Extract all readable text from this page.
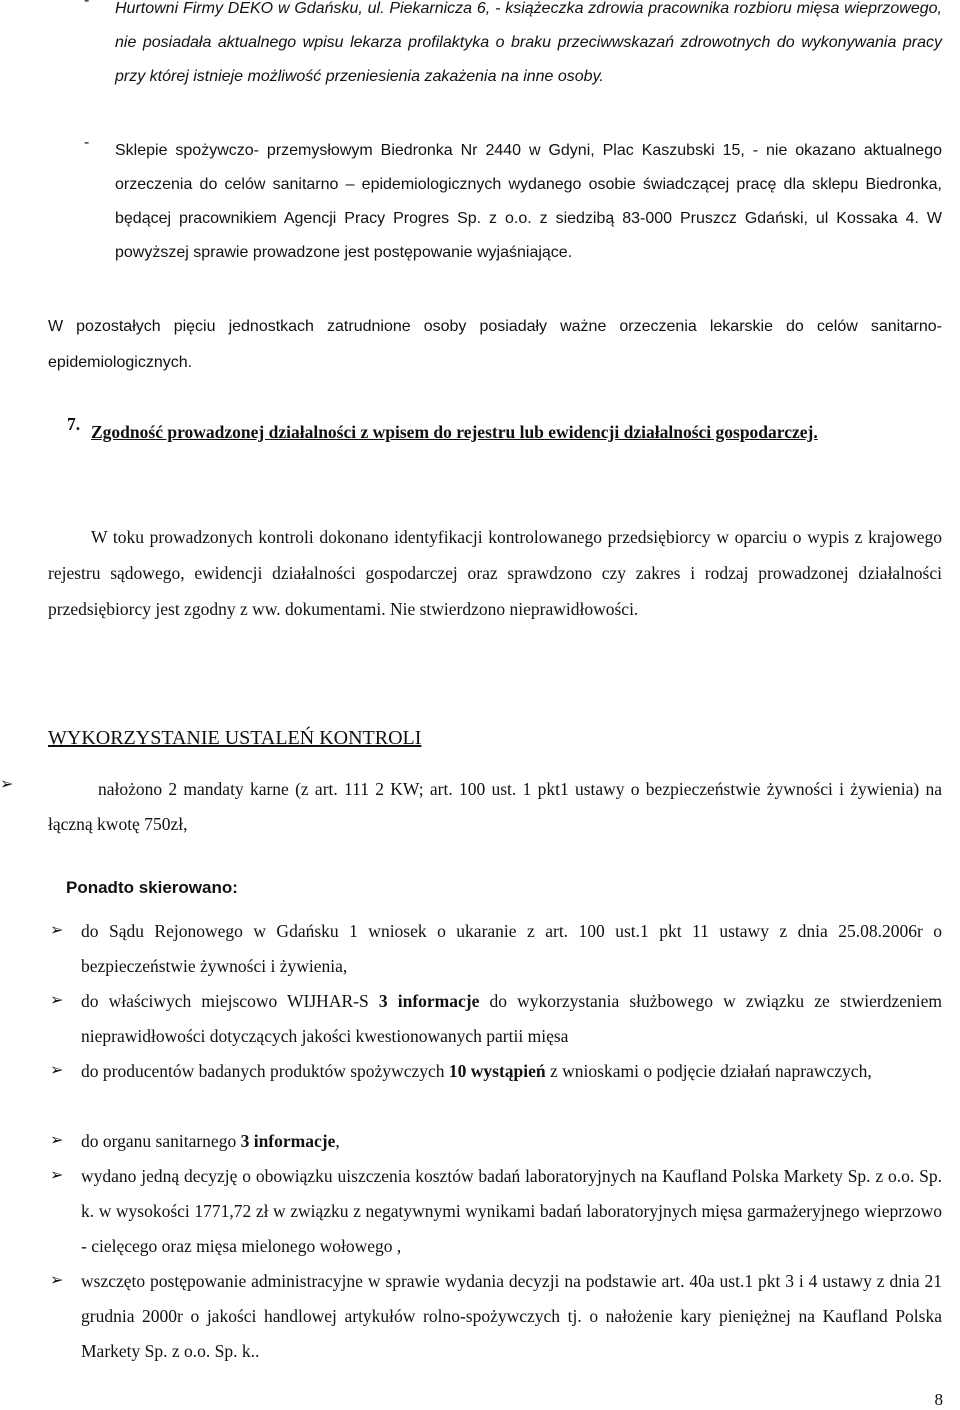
-	Hurtowni Firmy DEKO w Gdańsku, ul. Piekarnicza 6, - książeczka zdrowia pracownika rozbioru mięsa wieprzowego, nie posiadała aktualnego wpisu lekarza profilaktyka o braku przeciwwskazań zdrowotnych do wykonywania pracy przy której istnieje możliwość przeniesienia zakażenia na inne osoby.
-	Sklepie spożywczo- przemysłowym Biedronka Nr 2440 w Gdyni, Plac Kaszubski 15, - nie okazano aktualnego orzeczenia do celów sanitarno – epidemiologicznych wydanego osobie świadczącej pracę dla sklepu Biedronka, będącej pracownikiem Agencji Pracy Progres Sp. z o.o. z siedzibą 83-000 Pruszcz Gdański, ul Kossaka 4. W powyższej sprawie prowadzone jest postępowanie wyjaśniające.
W pozostałych pięciu jednostkach zatrudnione osoby posiadały ważne orzeczenia lekarskie do celów sanitarno-epidemiologicznych.
7. Zgodność prowadzonej działalności z wpisem do rejestru lub ewidencji działalności gospodarczej.
W toku prowadzonych kontroli dokonano identyfikacji kontrolowanego przedsiębiorcy w oparciu o wypis z krajowego rejestru sądowego, ewidencji działalności gospodarczej oraz sprawdzono czy zakres i rodzaj prowadzonej działalności przedsiębiorcy jest zgodny z ww. dokumentami. Nie stwierdzono nieprawidłowości.
WYKORZYSTANIE USTALEŃ KONTROLI
➢	nałożono 2 mandaty karne (z art. 111 2 KW; art. 100 ust. 1 pkt1 ustawy o bezpieczeństwie żywności i żywienia) na łączną kwotę 750zł,
Ponadto skierowano:
➢ do Sądu Rejonowego w Gdańsku 1 wniosek o ukaranie z art. 100 ust.1 pkt 11 ustawy z dnia 25.08.2006r o bezpieczeństwie żywności i żywienia,
➢ do właściwych miejscowo WIJHAR-S 3 informacje do wykorzystania służbowego w związku ze stwierdzeniem nieprawidłowości dotyczących jakości kwestionowanych partii mięsa
➢ do producentów badanych produktów spożywczych 10 wystąpień z wnioskami o podjęcie działań naprawczych,
➢ do organu sanitarnego 3 informacje,
➢ wydano jedną decyzję o obowiązku uiszczenia kosztów badań laboratoryjnych na Kaufland Polska Markety Sp. z o.o. Sp. k. w wysokości 1771,72 zł w związku z negatywnymi wynikami badań laboratoryjnych mięsa garmażeryjnego wieprzowo - cielęcego oraz mięsa mielonego wołowego ,
➢ wszczęto postępowanie administracyjne w sprawie wydania decyzji na podstawie art. 40a ust.1 pkt 3 i 4 ustawy z dnia 21 grudnia 2000r o jakości handlowej artykułów rolno-spożywczych tj. o nałożenie kary pieniężnej na Kaufland Polska Markety Sp. z o.o. Sp. k..
8
